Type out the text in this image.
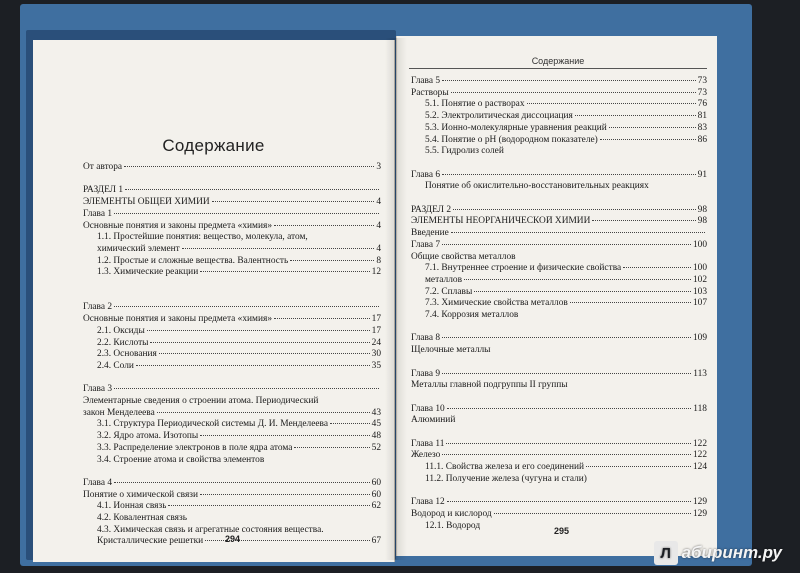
Содержание
От автора	3
РАЗДЕЛ 1
ЭЛЕМЕНТЫ ОБЩЕЙ ХИМИИ	4
Глава 1
Основные понятия и законы предмета «химия»	4
1.1. Простейшие понятия: вещество, молекула, атом,
химический элемент	4
1.2. Простые и сложные вещества. Валентность	8
1.3. Химические реакции	12
Глава 2
Основные понятия и законы предмета «химия»	17
2.1. Оксиды	17
2.2. Кислоты	24
2.3. Основания	30
2.4. Соли	35
Глава 3
Элементарные сведения о строении атома. Периодический
закон Менделеева	43
3.1. Структура Периодической системы Д. И. Менделеева	45
3.2. Ядро атома. Изотопы	48
3.3. Распределение электронов в поле ядра атома	52
3.4. Строение атома и свойства элементов
Глава 4	60
Понятие о химической связи	60
4.1. Ионная связь	62
4.2. Ковалентная связь
4.3. Химическая связь и агрегатные состояния вещества.
Кристаллические решетки	67
294
Содержание
Глава 5	73
Растворы	73
5.1. Понятие о растворах	76
5.2. Электролитическая диссоциация	81
5.3. Ионно-молекулярные уравнения реакций	83
5.4. Понятие о pH (водородном показателе)	86
5.5. Гидролиз солей
Глава 6	91
Понятие об окислительно-восстановительных реакциях
РАЗДЕЛ 2	98
ЭЛЕМЕНТЫ НЕОРГАНИЧЕСКОЙ ХИМИИ	98
Введение
Глава 7	100
Общие свойства металлов
7.1. Внутреннее строение и физические свойства	100
металлов	102
7.2. Сплавы	103
7.3. Химические свойства металлов	107
7.4. Коррозия металлов
Глава 8	109
Щелочные металлы
Глава 9	113
Металлы главной подгруппы II группы
Глава 10	118
Алюминий
Глава 11	122
Железо	122
11.1. Свойства железа и его соединений	124
11.2. Получение железа (чугуна и стали)
Глава 12	129
Водород и кислород	129
12.1. Водород
295
Л абиринт.ру
